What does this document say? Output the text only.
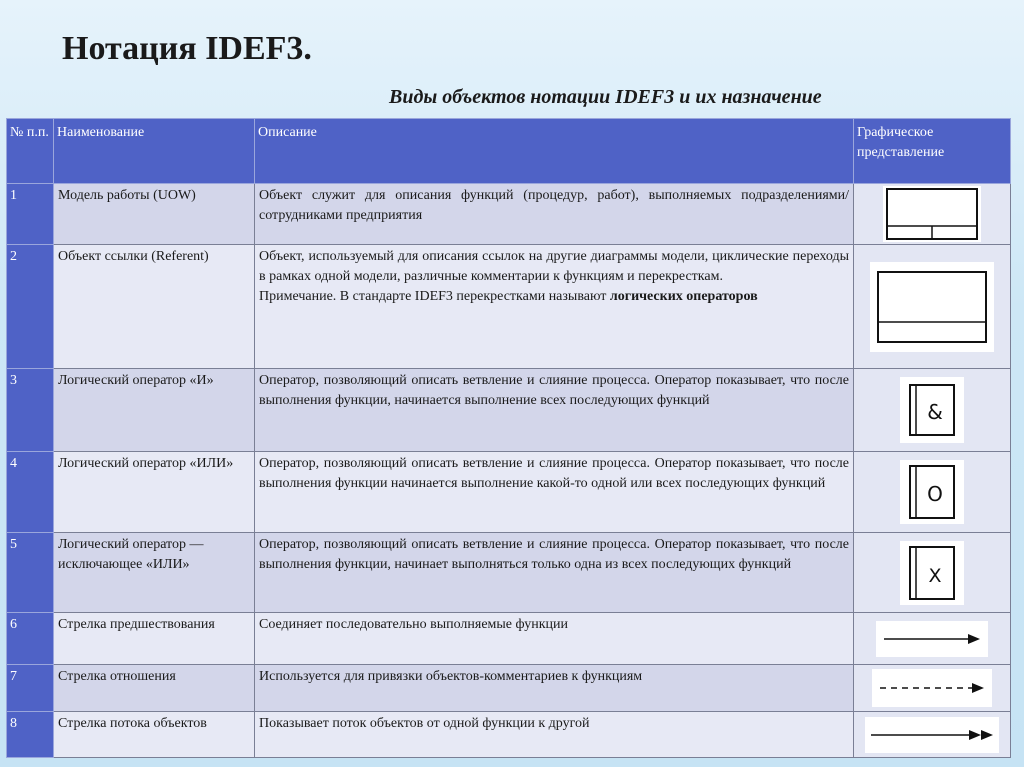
Нотация IDEF3.
Виды объектов нотации IDEF3 и их назначение
№ п.п.	Наименование	Описание	Графическое представление
1	Модель работы (UOW)	Объект служит для описания функций (процедур, работ), выполняемых подразделениями/ сотрудниками предприятия	

2	Объект ссылки (Referent)	Объект, используемый для описания ссылок на другие диаграммы модели, циклические переходы в рамках одной модели, различные комментарии к функциям и перекресткам.
Примечание. В стандарте IDEF3 перекрестками называют логических операторов	

3	Логический оператор «И»	Оператор, позволяющий описать ветвление и слияние процесса. Оператор показывает, что после выполнения функции, начинается выполнение всех последующих функций	&

4	Логический оператор «ИЛИ»	Оператор, позволяющий описать ветвление и слияние процесса. Оператор показывает, что после выполнения функции начинается выполнение какой-то одной или всех последующих функций	O

5	Логический оператор — исключающее «ИЛИ»	Оператор, позволяющий описать ветвление и слияние процесса. Оператор показывает, что после выполнения функции, начинает выполняться только одна из всех последующих функций	X

6	Стрелка предшествования	Соединяет последовательно выполняемые функции	

7	Стрелка отношения	Используется для привязки объектов-комментариев к функциям	

8	Стрелка потока объектов	Показывает поток объектов от одной функции к другой	
